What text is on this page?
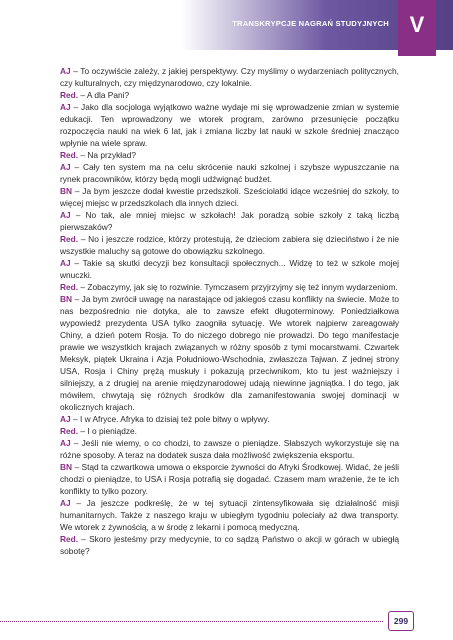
TRANSKRYPCJE NAGRAŃ STUDYJNYCH V

AJ – To oczywiście zależy, z jakiej perspektywy. Czy myślimy o wydarzeniach politycznych, czy kulturalnych, czy międzynarodowo, czy lokalnie.

Red. – A dla Pani?

AJ – Jako dla socjologa wyjątkowo ważne wydaje mi się wprowadzenie zmian w systemie edukacji. Ten wprowadzony we wtorek program, zarówno przesunięcie początku rozpoczęcia nauki na wiek 6 lat, jak i zmiana liczby lat nauki w szkole średniej znacząco wpłynie na wiele spraw.

Red. – Na przykład?

AJ – Cały ten system ma na celu skrócenie nauki szkolnej i szybsze wypuszczanie na rynek pracowników, którzy będą mogli udźwignąć budżet.

BN – Ja bym jeszcze dodał kwestie przedszkoli. Sześciolatki idące wcześniej do szkoły, to więcej miejsc w przedszkolach dla innych dzieci.

AJ – No tak, ale mniej miejsc w szkołach! Jak poradzą sobie szkoły z taką liczbą pierwszaków?

Red. – No i jeszcze rodzice, którzy protestują, że dzieciom zabiera się dzieciństwo i że nie wszystkie maluchy są gotowe do obowiązku szkolnego.

AJ – Takie są skutki decyzji bez konsultacji społecznych... Widzę to też w szkole mojej wnuczki.

Red. – Zobaczymy, jak się to rozwinie. Tymczasem przyjrzyjmy się też innym wydarzeniom.

BN – Ja bym zwrócił uwagę na narastające od jakiegoś czasu konflikty na świecie. Może to nas bezpośrednio nie dotyka, ale to zawsze efekt długoterminowy. Poniedziałkowa wypowiedź prezydenta USA tylko zaogniła sytuację. We wtorek najpierw zareagowały Chiny, a dzień potem Rosja. To do niczego dobrego nie prowadzi. Do tego manifestacje prawie we wszystkich krajach związanych w różny sposób z tymi mocarstwami. Czwartek Meksyk, piątek Ukraina i Azja Południowo-Wschodnia, zwłaszcza Tajwan. Z jednej strony USA, Rosja i Chiny prężą muskuły i pokazują przeciwnikom, kto tu jest ważniejszy i silniejszy, a z drugiej na arenie międzynarodowej udają niewinne jagniątka. I do tego, jak mówiłem, chwytają się różnych środków dla zamanifestowania swojej dominacji w okolicznych krajach.

AJ – I w Afryce. Afryka to dzisiaj też pole bitwy o wpływy.

Red. – I o pieniądze.

AJ – Jeśli nie wiemy, o co chodzi, to zawsze o pieniądze. Słabszych wykorzystuje się na różne sposoby. A teraz na dodatek susza dała możliwość zwiększenia eksportu.

BN – Stąd ta czwartkowa umowa o eksporcie żywności do Afryki Środkowej. Widać, że jeśli chodzi o pieniądze, to USA i Rosja potrafią się dogadać. Czasem mam wrażenie, że te ich konflikty to tylko pozory.

AJ – Ja jeszcze podkreślę, że w tej sytuacji zintensyfikowała się działalność misji humanitarnych. Także z naszego kraju w ubiegłym tygodniu poleciały aż dwa transporty. We wtorek z żywnością, a w środę z lekarni i pomocą medyczną.

Red. – Skoro jesteśmy przy medycynie, to co sądzą Państwo o akcji w górach w ubiegłą sobotę?

299
